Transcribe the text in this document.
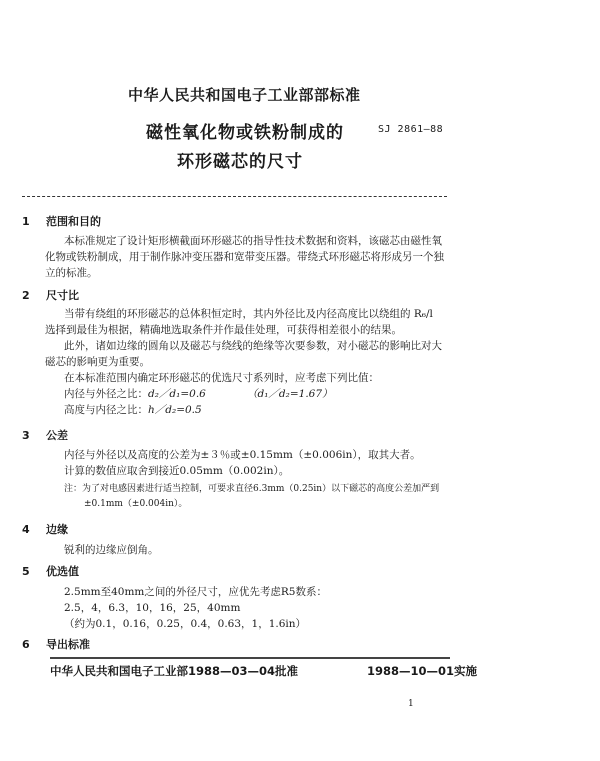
中华人民共和国电子工业部部标准
磁性氧化物或铁粉制成的
环形磁芯的尺寸
SJ 2861—88
1 范围和目的
本标准规定了设计矩形横截面环形磁芯的指导性技术数据和资料，该磁芯由磁性氧
化物或铁粉制成，用于制作脉冲变压器和宽带变压器。带绕式环形磁芯将形成另一个独
立的标准。
2 尺寸比
当带有绕组的环形磁芯的总体积恒定时，其内外径比及内径高度比以绕组的 R₆/l
选择到最佳为根据，精确地选取条件并作最佳处理，可获得相差很小的结果。
此外，诸如边缘的圆角以及磁芯与绕线的绝缘等次要参数，对小磁芯的影响比对大
磁芯的影响更为重要。
在本标准范围内确定环形磁芯的优选尺寸系列时，应考虑下列比值：
内径与外径之比：d₂／d₁=0.6	（d₁／d₂=1.67）
高度与内径之比：h／d₂=0.5
3 公差
内径与外径以及高度的公差为±３％或±0.15mm（±0.006in），取其大者。
计算的数值应取舍到接近0.05mm（0.002in）。
注：为了对电感因素进行适当控制，可要求直径6.3mm（0.25in）以下磁芯的高度公差加严到
±0.1mm（±0.004in）。
4 边缘
锐利的边缘应倒角。
5 优选值
2.5mm至40mm之间的外径尺寸，应优先考虑R5数系：
2.5，4，6.3，10，16，25，40mm
（约为0.1，0.16，0.25，0.4，0.63，1，1.6in）
6 导出标准
中华人民共和国电子工业部1988—03—04批准	1988—10—01实施
1
